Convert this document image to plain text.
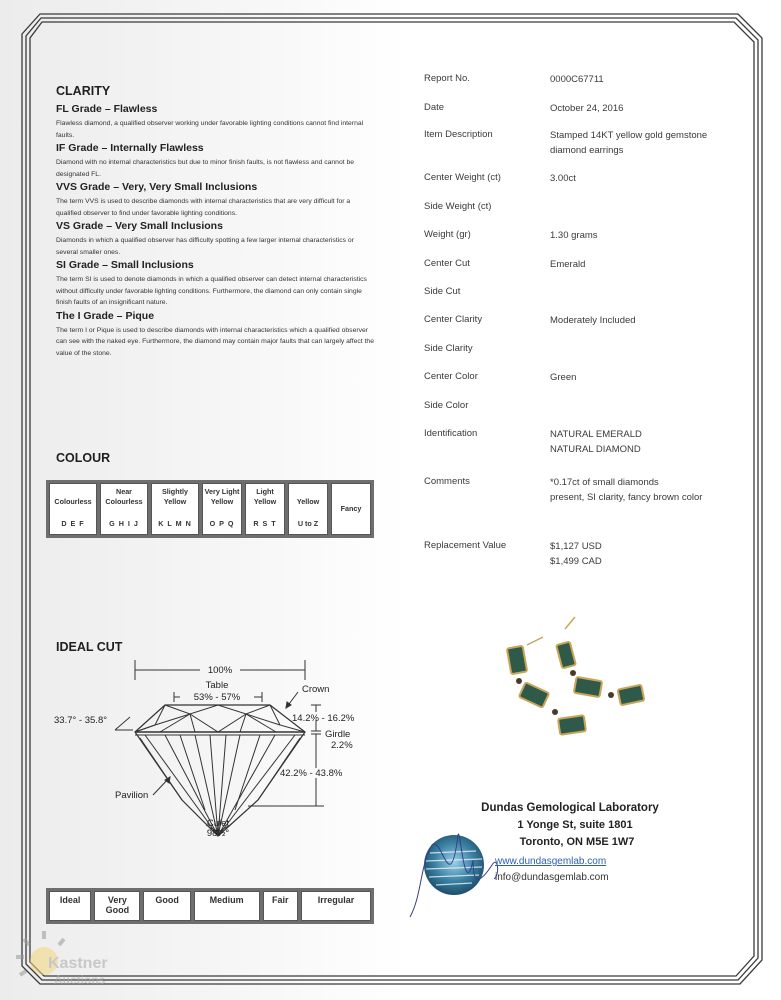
CLARITY
FL Grade – Flawless
Flawless diamond, a qualified observer working under favorable lighting conditions cannot find internal faults.
IF Grade – Internally Flawless
Diamond with no internal characteristics but due to minor finish faults, is not flawless and cannot be designated FL.
VVS Grade – Very, Very Small Inclusions
The term VVS is used to describe diamonds with internal characteristics that are very difficult for a qualified observer to find under favorable lighting conditions.
VS Grade – Very Small Inclusions
Diamonds in which a qualified observer has difficulty spotting a few larger internal characteristics or several smaller ones.
SI Grade – Small Inclusions
The term SI is used to denote diamonds in which a qualified observer can detect internal characteristics without difficulty under favorable lighting conditions. Furthermore, the diamond can only contain single finish faults of an insignificant nature.
The I Grade – Pique
The term I or Pique is used to describe diamonds with internal characteristics which a qualified observer can see with the naked eye. Furthermore, the diamond may contain major faults that can largely affect the value of the stone.
COLOUR
Colourless
D E F

Near Colourless
G H I J

Slightly Yellow
K L M N

Very Light Yellow
O P Q

Light Yellow
R S T

Yellow
U to Z

Fancy
IDEAL CUT
100%
Table
53% - 57%
Crown
33.7° - 35.8°	14.2% - 16.2%
Girdle
2.2%
42.2% - 43.8%
Pavilion
Culet
98½°
Ideal	Very Good	Good	Medium	Fair	Irregular
Report No.	0000C67711
Date	October 24, 2016
Item Description	Stamped 14KT yellow gold gemstone
diamond earrings
Center Weight (ct)	3.00ct
Side Weight (ct)
Weight (gr)	1.30 grams
Center Cut	Emerald
Side Cut
Center Clarity	Moderately Included
Side Clarity
Center Color	Green
Side Color
Identification	NATURAL EMERALD
NATURAL DIAMOND
Comments	*0.17ct of small diamonds
present, SI clarity, fancy brown color
Replacement Value	$1,127 USD
$1,499 CAD
Dundas Gemological Laboratory
1 Yonge St, suite 1801
Toronto, ON M5E 1W7
www.dundasgemlab.com
info@dundasgemlab.com
Kastner
Auctions
